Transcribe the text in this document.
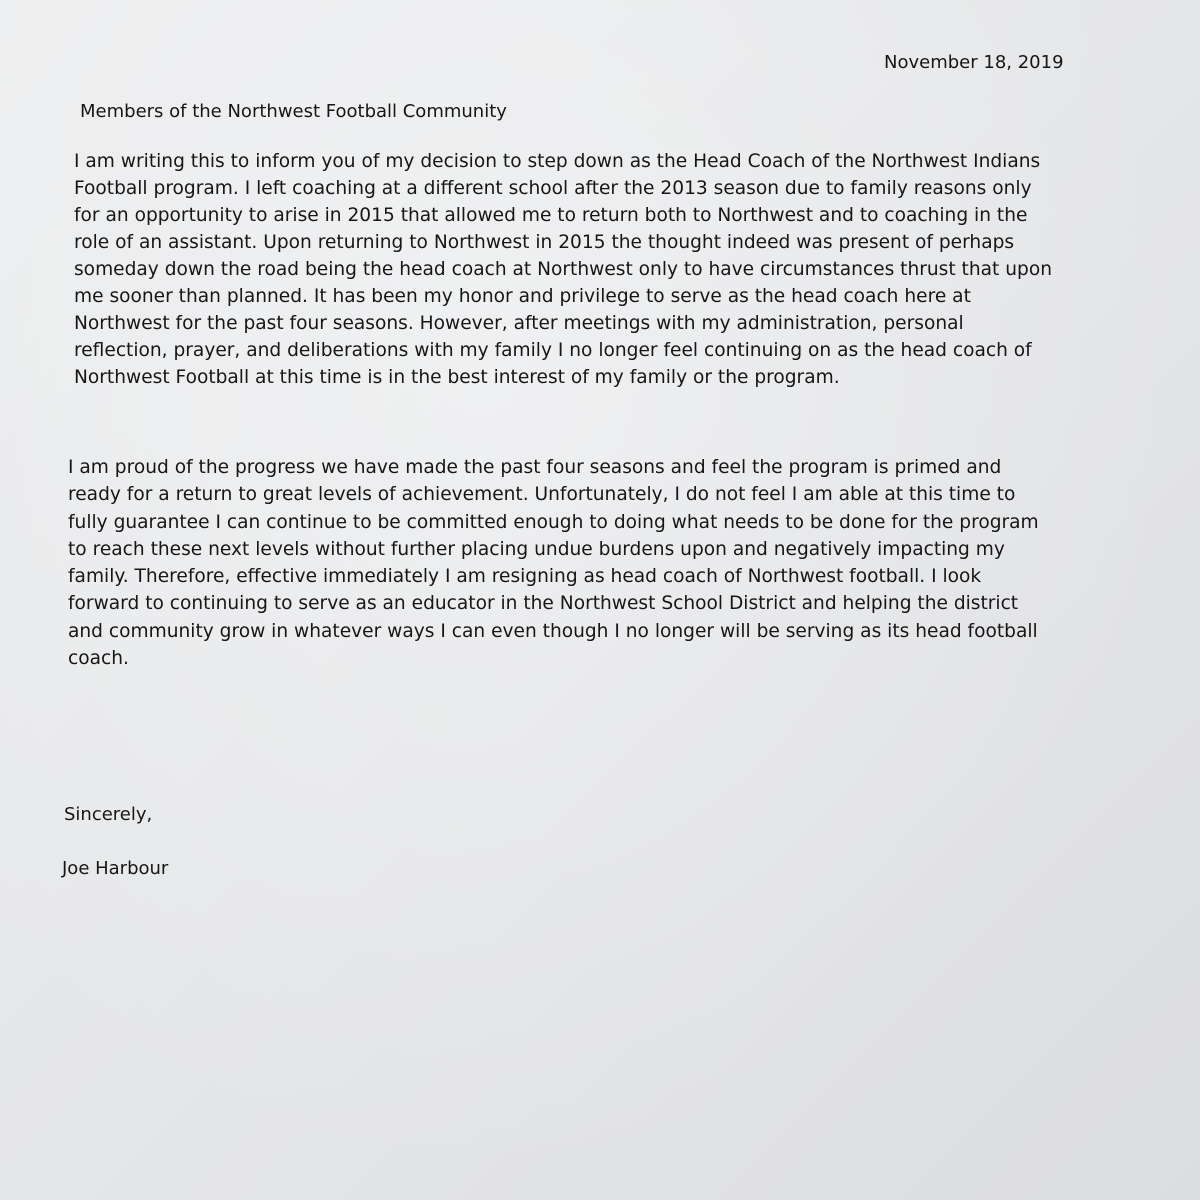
November 18, 2019
Members of the Northwest Football Community
I am writing this to inform you of my decision to step down as the Head Coach of the Northwest Indians
Football program. I left coaching at a different school after the 2013 season due to family reasons only
for an opportunity to arise in 2015 that allowed me to return both to Northwest and to coaching in the
role of an assistant. Upon returning to Northwest in 2015 the thought indeed was present of perhaps
someday down the road being the head coach at Northwest only to have circumstances thrust that upon
me sooner than planned. It has been my honor and privilege to serve as the head coach here at
Northwest for the past four seasons. However, after meetings with my administration, personal
reflection, prayer, and deliberations with my family I no longer feel continuing on as the head coach of
Northwest Football at this time is in the best interest of my family or the program.
I am proud of the progress we have made the past four seasons and feel the program is primed and
ready for a return to great levels of achievement. Unfortunately, I do not feel I am able at this time to
fully guarantee I can continue to be committed enough to doing what needs to be done for the program
to reach these next levels without further placing undue burdens upon and negatively impacting my
family. Therefore, effective immediately I am resigning as head coach of Northwest football. I look
forward to continuing to serve as an educator in the Northwest School District and helping the district
and community grow in whatever ways I can even though I no longer will be serving as its head football
coach.
Sincerely,
Joe Harbour
